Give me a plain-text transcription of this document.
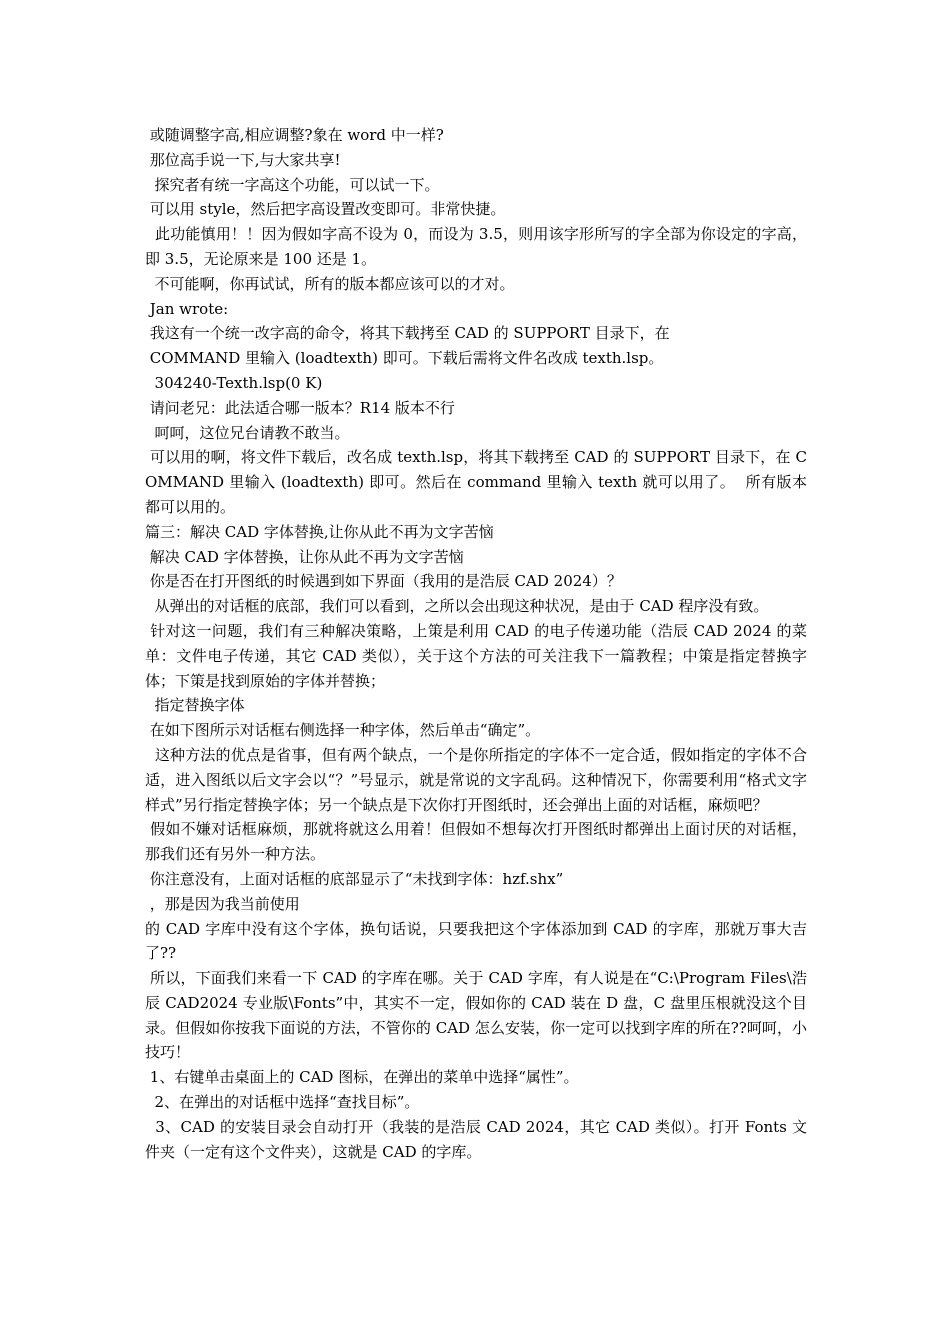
或随调整字高,相应调整?象在 word 中一样?

那位高手说一下,与大家共享!

探究者有统一字高这个功能，可以试一下。

可以用 style，然后把字高设置改变即可。非常快捷。

此功能慎用！！因为假如字高不设为 0，而设为 3.5，则用该字形所写的字全部为你设定的字高，即 3.5，无论原来是 100 还是 1。

不可能啊，你再试试，所有的版本都应该可以的才对。

Jan wrote:

我这有一个统一改字高的命令，将其下载拷至 CAD 的 SUPPORT 目录下，在

COMMAND 里输入 (loadtexth) 即可。下载后需将文件名改成 texth.lsp。

304240-Texth.lsp(0 K)

请问老兄：此法适合哪一版本？R14 版本不行

呵呵，这位兄台请教不敢当。

可以用的啊，将文件下载后，改名成 texth.lsp，将其下载拷至 CAD 的 SUPPORT 目录下，在 COMMAND 里输入 (loadtexth) 即可。然后在 command 里输入 texth 就可以用了。  所有版本都可以用的。

篇三：解决 CAD 字体替换,让你从此不再为文字苦恼

解决 CAD 字体替换，让你从此不再为文字苦恼

你是否在打开图纸的时候遇到如下界面（我用的是浩辰 CAD 2024）？

从弹出的对话框的底部，我们可以看到，之所以会出现这种状况，是由于 CAD 程序没有致。

针对这一问题，我们有三种解决策略，上策是利用 CAD 的电子传递功能（浩辰 CAD 2024 的菜单：文件电子传递，其它 CAD 类似），关于这个方法的可关注我下一篇教程；中策是指定替换字体；下策是找到原始的字体并替换；

指定替换字体

在如下图所示对话框右侧选择一种字体，然后单击“确定”。

这种方法的优点是省事，但有两个缺点，一个是你所指定的字体不一定合适，假如指定的字体不合适，进入图纸以后文字会以“？”号显示，就是常说的文字乱码。这种情况下，你需要利用“格式文字样式”另行指定替换字体；另一个缺点是下次你打开图纸时，还会弹出上面的对话框，麻烦吧？

假如不嫌对话框麻烦，那就将就这么用着！但假如不想每次打开图纸时都弹出上面讨厌的对话框，那我们还有另外一种方法。

你注意没有，上面对话框的底部显示了“未找到字体：hzf.shx”

，那是因为我当前使用

的 CAD 字库中没有这个字体，换句话说，只要我把这个字体添加到 CAD 的字库，那就万事大吉了??

所以，下面我们来看一下 CAD 的字库在哪。关于 CAD 字库，有人说是在“C:\Program Files\浩辰 CAD2024 专业版\Fonts”中，其实不一定，假如你的 CAD 装在 D 盘，C 盘里压根就没这个目录。但假如你按我下面说的方法，不管你的 CAD 怎么安装，你一定可以找到字库的所在??呵呵，小技巧！

1、右键单击桌面上的 CAD 图标，在弹出的菜单中选择“属性”。

2、在弹出的对话框中选择“查找目标”。

3、CAD 的安装目录会自动打开（我装的是浩辰 CAD 2024，其它 CAD 类似）。打开 Fonts 文件夹（一定有这个文件夹），这就是 CAD 的字库。
